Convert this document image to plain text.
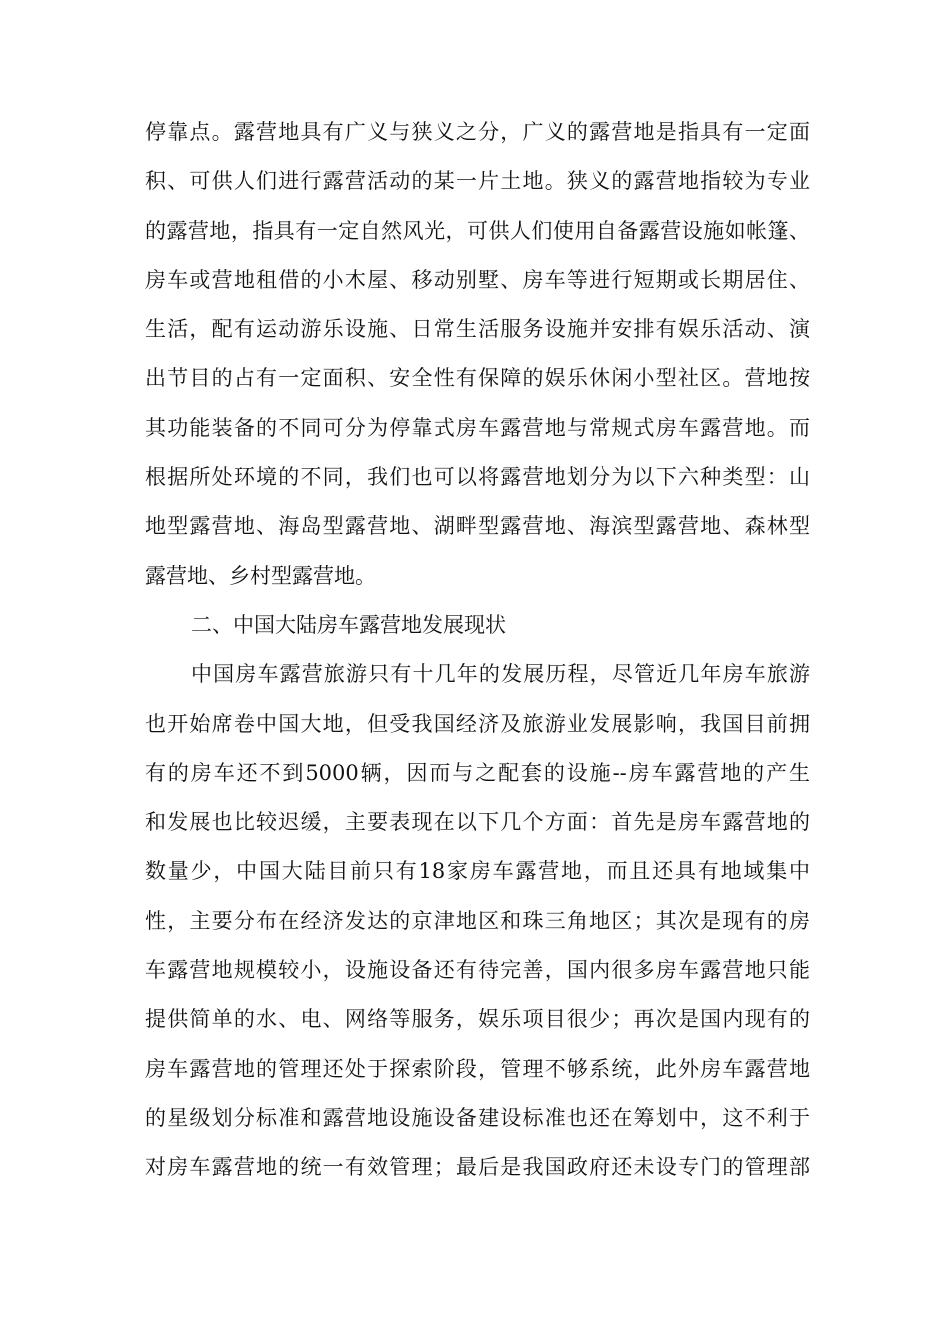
停靠点。露营地具有广义与狭义之分，广义的露营地是指具有一定面
积、可供人们进行露营活动的某一片土地。狭义的露营地指较为专业
的露营地，指具有一定自然风光，可供人们使用自备露营设施如帐篷、
房车或营地租借的小木屋、移动别墅、房车等进行短期或长期居住、
生活，配有运动游乐设施、日常生活服务设施并安排有娱乐活动、演
出节目的占有一定面积、安全性有保障的娱乐休闲小型社区。营地按
其功能装备的不同可分为停靠式房车露营地与常规式房车露营地。而
根据所处环境的不同，我们也可以将露营地划分为以下六种类型：山
地型露营地、海岛型露营地、湖畔型露营地、海滨型露营地、森林型
露营地、乡村型露营地。
二、中国大陆房车露营地发展现状
中国房车露营旅游只有十几年的发展历程，尽管近几年房车旅游
也开始席卷中国大地，但受我国经济及旅游业发展影响，我国目前拥
有的房车还不到5000辆，因而与之配套的设施--房车露营地的产生
和发展也比较迟缓，主要表现在以下几个方面：首先是房车露营地的
数量少，中国大陆目前只有18家房车露营地，而且还具有地域集中
性，主要分布在经济发达的京津地区和珠三角地区；其次是现有的房
车露营地规模较小，设施设备还有待完善，国内很多房车露营地只能
提供简单的水、电、网络等服务，娱乐项目很少；再次是国内现有的
房车露营地的管理还处于探索阶段，管理不够系统，此外房车露营地
的星级划分标准和露营地设施设备建设标准也还在筹划中，这不利于
对房车露营地的统一有效管理；最后是我国政府还未设专门的管理部
